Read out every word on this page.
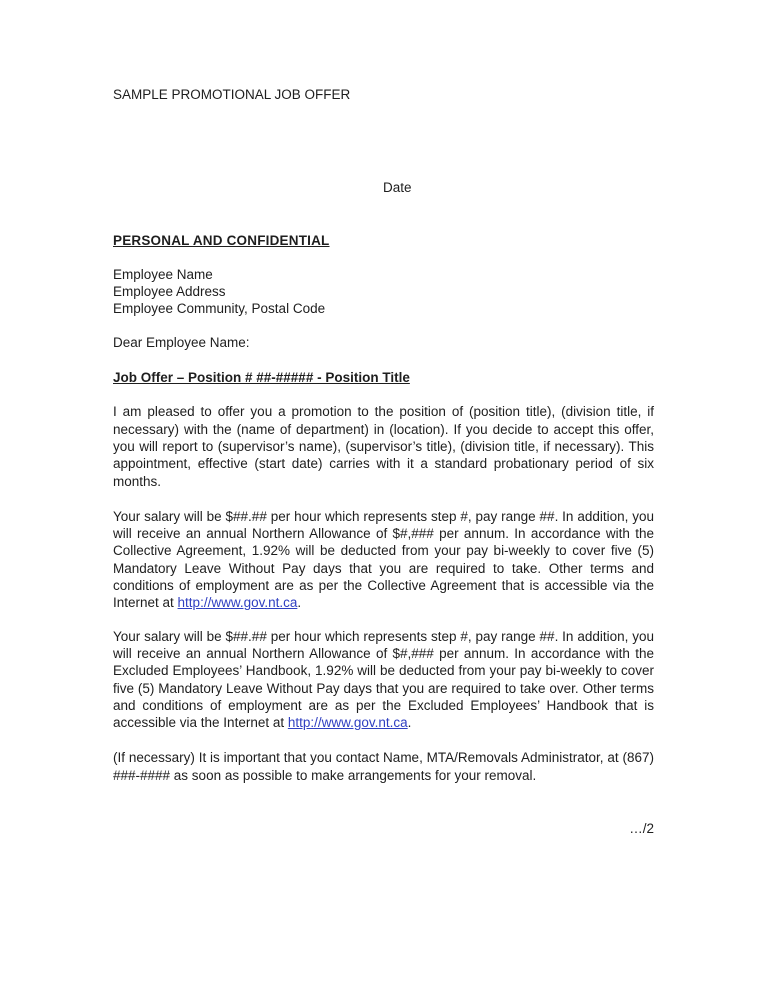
SAMPLE PROMOTIONAL JOB OFFER
Date
PERSONAL AND CONFIDENTIAL
Employee Name
Employee Address
Employee Community, Postal Code
Dear Employee Name:
Job Offer – Position # ##-##### - Position Title

I am pleased to offer you a promotion to the position of (position title), (division title, if necessary) with the (name of department) in (location). If you decide to accept this offer, you will report to (supervisor’s name), (supervisor’s title), (division title, if necessary). This appointment, effective (start date) carries with it a standard probationary period of six months.

Your salary will be $##.## per hour which represents step #, pay range ##. In addition, you will receive an annual Northern Allowance of $#,### per annum. In accordance with the Collective Agreement, 1.92% will be deducted from your pay bi-weekly to cover five (5) Mandatory Leave Without Pay days that you are required to take. Other terms and conditions of employment are as per the Collective Agreement that is accessible via the Internet at http://www.gov.nt.ca.

Your salary will be $##.## per hour which represents step #, pay range ##. In addition, you will receive an annual Northern Allowance of $#,### per annum. In accordance with the Excluded Employees’ Handbook, 1.92% will be deducted from your pay bi-weekly to cover five (5) Mandatory Leave Without Pay days that you are required to take over. Other terms and conditions of employment are as per the Excluded Employees’ Handbook that is accessible via the Internet at http://www.gov.nt.ca.

(If necessary) It is important that you contact Name, MTA/Removals Administrator, at (867) ###-#### as soon as possible to make arrangements for your removal.

…/2
